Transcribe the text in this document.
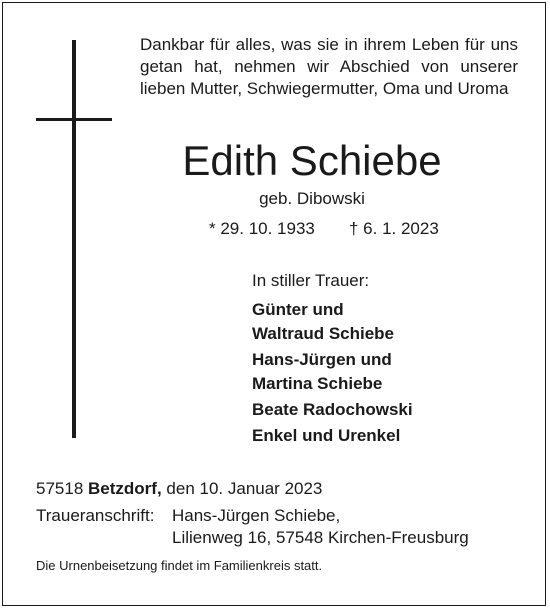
Dankbar für alles, was sie in ihrem Leben für uns getan hat, nehmen wir Abschied von unserer lieben Mutter, Schwiegermutter, Oma und Uroma

Edith Schiebe
geb. Dibowski
* 29. 10. 1933 † 6. 1. 2023
In stiller Trauer:
Günter und
Waltraud Schiebe
Hans-Jürgen und
Martina Schiebe
Beate Radochowski
Enkel und Urenkel
57518 Betzdorf, den 10. Januar 2023
Traueranschrift: Hans-Jürgen Schiebe,
Lilienweg 16, 57548 Kirchen-Freusburg
Die Urnenbeisetzung findet im Familienkreis statt.
